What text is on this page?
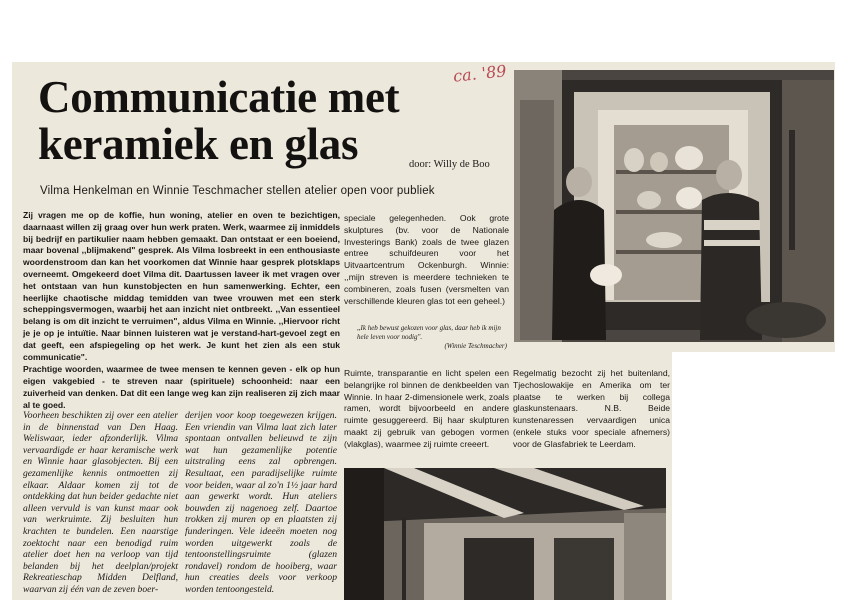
ca. '89
Communicatie met keramiek en glas	door: Willy de Boo
Vilma Henkelman en Winnie Teschmacher stellen atelier open voor publiek

Zij vragen me op de koffie, hun woning, atelier en oven te bezichtigen, daarnaast willen zij graag over hun werk praten. Werk, waarmee zij inmiddels bij bedrijf en partikulier naam hebben gemaakt. Dan ontstaat er een boeiend, maar bovenal ,,blijmakend" gesprek. Als Vilma losbreekt in een enthousiaste woordenstroom dan kan het voorkomen dat Winnie haar gesprek plotsklaps overneemt. Omgekeerd doet Vilma dit. Daartussen laveer ik met vragen over het ontstaan van hun kunstobjecten en hun samenwerking. Echter, een heerlijke chaotische middag temidden van twee vrouwen met een sterk scheppingsvermogen, waarbij het aan inzicht niet ontbreekt. ,,Van essentieel belang is om dit inzicht te verruimen", aldus Vilma en Winnie. ,,Hiervoor richt je je op je intuïtie. Naar binnen luisteren wat je verstand-hart-gevoel zegt en dat geeft, een afspiegeling op het werk. Je kunt het zien als een stuk communicatie".

Prachtige woorden, waarmee de twee mensen te kennen geven - elk op hun eigen vakgebied - te streven naar (spirituele) schoonheid: naar een zuiverheid van denken. Dat dit een lange weg kan zijn realiseren zij zich maar al te goed.

speciale gelegenheden. Ook grote skulptures (bv. voor de Nationale Investerings Bank) zoals de twee glazen entree schuifdeuren voor het Uitvaartcentrum Ockenburgh. Winnie: ,,mijn streven is meerdere technieken te combineren, zoals fusen (versmelten van verschillende kleuren glas tot een geheel.)

,,Ik heb bewust gekozen voor glas, daar heb ik mijn hele leven voor nodig".
(Winnie Teschmacher)

Voorheen beschikten zij over een atelier in de binnenstad van Den Haag. Weliswaar, ieder afzonderlijk. Vilma vervaardigde er haar keramische werk en Winnie haar glasobjecten. Bij een gezamenlijke kennis ontmoetten zij elkaar. Aldaar komen zij tot de ontdekking dat hun beider gedachte niet alleen vervuld is van kunst maar ook van werkruimte. Zij besluiten hun krachten te bundelen. Een naarstige zoektocht naar een benodigd ruim atelier doet hen na verloop van tijd belanden bij het deelplan/projekt Rekreatieschap Midden Delfland, waarvan zij één van de zeven boer-

derijen voor koop toegewezen krijgen. Een vriendin van Vilma laat zich later spontaan ontvallen belieuwd te zijn wat hun gezamenlijke potentie uitstraling eens zal opbrengen. Resultaat, een paradijselijke ruimte voor beiden, waar al zo'n 1½ jaar hard aan gewerkt wordt. Hun ateliers bouwden zij nagenoeg zelf. Daartoe trokken zij muren op en plaatsten zij funderingen. Vele ideeën moeten nog worden uitgewerkt zoals de tentoonstellingsruimte (glazen rondavel) rondom de hooiberg, waar hun creaties deels voor verkoop worden tentoongesteld.

Ruimte, transparantie en licht spelen een belangrijke rol binnen de denkbeelden van Winnie. In haar 2-dimensionele werk, zoals ramen, wordt bijvoorbeeld en andere ruimte gesuggereerd. Bij haar skulpturen maakt zij gebruik van gebogen vormen (vlakglas), waarmee zij ruimte creeert.

Regelmatig bezocht zij het buitenland, Tjechoslowakije en Amerika om ter plaatse te werken bij collega glaskunstenaars. N.B. Beide kunstenaressen vervaardigen unica (enkele stuks voor speciale afnemers) voor de Glasfabriek te Leerdam.
